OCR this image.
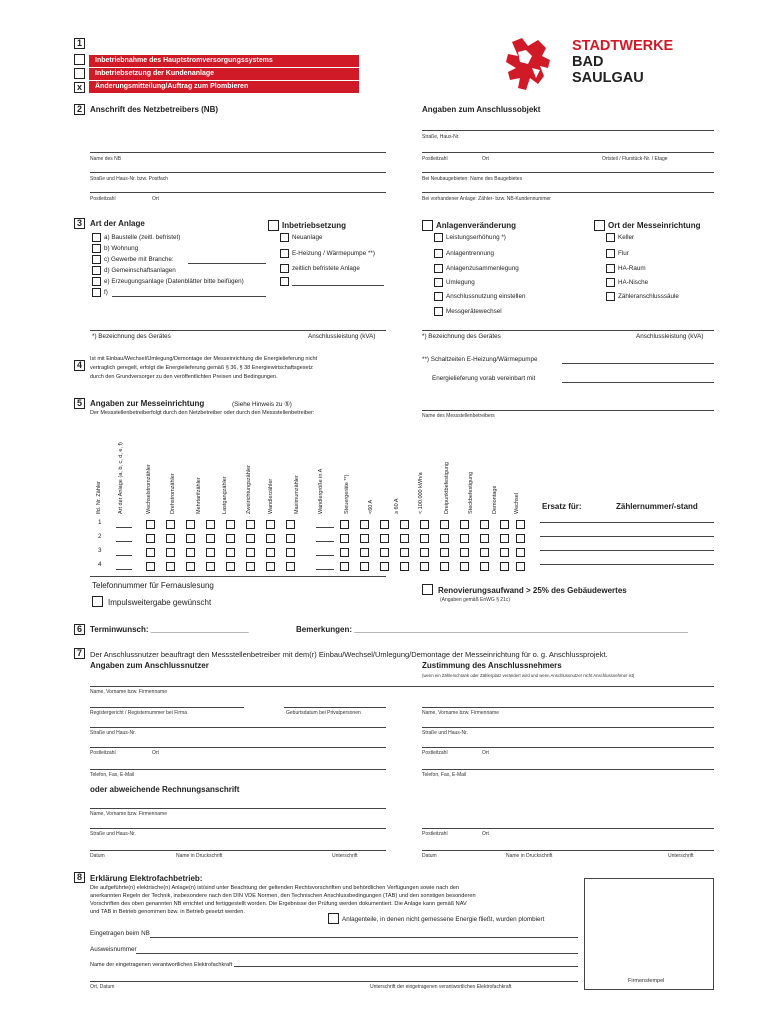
1
x
Inbetriebnahme des Hauptstromversorgungssystems
Inbetriebsetzung der Kundenanlage
Änderungsmitteilung/Auftrag zum Plombieren
STADTWERKE
BAD
SAULGAU
2	Anschrift des Netzbetreibers (NB)	Angaben zum Anschlussobjekt
Name des NB
Straße und Haus-Nr. bzw. Postfach
Postleitzahl	Ort
Straße, Haus-Nr.
Postleitzahl	Ort	Ortsteil / Flurstück-Nr. / Etage
Bei Neubaugebieten: Name des Baugebietes
Bei vorhandener Anlage: Zähler- bzw. NB-Kundennummer
3	Art der Anlage
a) Baustelle (zeitl. befristet)
b) Wohnung
c) Gewerbe mit Branche:
d) Gemeinschaftsanlagen
e) Erzeugungsanlage (Datenblätter bitte beifügen)
f)
Inbetriebsetzung
Neuanlage
E-Heizung / Wärmepumpe **)
zeitlich befristete Anlage
Anlagenveränderung
Leistungserhöhung *)
Anlagentrennung
Anlagenzusammenlegung
Umlegung
Anschlussnutzung einstellen
Messgerätewechsel
Ort der Messeinrichtung
Keller
Flur
HA-Raum
HA-Nische
Zähleranschlusssäule
*) Bezeichnung des Gerätes	Anschlussleistung (kVA)	*) Bezeichnung des Gerätes	Anschlussleistung (kVA)
4
Ist mit Einbau/Wechsel/Umlegung/Demontage der Messeinrichtung die Energielieferung nicht
vertraglich geregelt, erfolgt die Energielieferung gemäß § 36, § 38 Energiewirtschaftsgesetz
durch den Grundversorger zu den veröffentlichten Preisen und Bedingungen.
**) Schaltzeiten E-Heizung/Wärmepumpe
Energielieferung vorab vereinbart mit
5	Angaben zur Messeinrichtung	(Siehe Hinweis zu ⑤)
Der Messstellenbetreiberfolgt durch den Netzbetreiber oder durch den Messstellenbetreiber:	Name des Messstellenbetreibers
lfd. Nr. Zähler	Art der Anlage (a, b, c, d, e, f)	Wechselstromzähler	Drehstromzähler	Mehrtarifzähler	Lastgangzähler	Zweirichtungszähler	Wandlerzähler	Maximumzähler	Wandlergröße in A	Steuergeräte **)	<60 A	≥ 60 A	< 100.000 kWh/a	Dreipunktbefestigung	Steckbefestigung	Demontage	Wechsel
1
2
3
4
Ersatz für:	Zählernummer/-stand
Telefonnummer für Fernauslesung
Impulsweitergabe gewünscht
Renovierungsaufwand > 25% des Gebäudewertes
(Angaben gemäß EnWG § 21c)
6	Terminwunsch: ______________________	Bemerkungen: ___________________________________________________________________________
7	Der Anschlussnutzer beauftragt den Messstellenbetreiber mit dem(r) Einbau/Wechsel/Umlegung/Demontage der Messeinrichtung für o. g. Anschlussprojekt.
Angaben zum Anschlussnutzer	Zustimmung des Anschlussnehmers
(wenn ein Zählerschrank oder Zählerplatz verändert wird und wenn Anschlussnutzer nicht Anschlussnehmer ist)
Name, Vorname bzw. Firmenname
Registergericht / Registernummer bei Firma	Geburtsdatum bei Privatpersonen
Straße und Haus-Nr.
Postleitzahl	Ort
Telefon, Fax, E-Mail
Name, Vorname bzw. Firmenname
Straße und Haus-Nr.
Postleitzahl	Ort
Telefon, Fax, E-Mail
oder abweichende Rechnungsanschrift
Name, Vorname bzw. Firmenname
Straße und Haus-Nr.	Postleitzahl	Ort
Datum	Name in Druckschrift	Unterschrift	Datum	Name in Druckschrift	Unterschrift
8	Erklärung Elektrofachbetrieb:
Die aufgeführte(n) elektrische(n) Anlage(n) ist/sind unter Beachtung der geltenden Rechtsvorschriften und behördlichen Verfügungen sowie nach den
anerkannten Regeln der Technik, insbesondere nach den DIN VDE Normen, den Technischen Anschlussbedingungen (TAB) und den sonstigen besonderen
Vorschriften des oben genannten NB errichtet und fertiggestellt worden. Die Ergebnisse der Prüfung werden dokumentiert. Die Anlage kann gemäß NAV
und TAB in Betrieb genommen bzw. in Betrieb gesetzt werden.
Anlagenteile, in denen nicht gemessene Energie fließt, wurden plombiert
Eingetragen beim NB
Ausweisnummer
Name der eingetragenen verantwortlichen Elektrofachkraft
Ort, Datum	Unterschrift der eingetragenen verantwortlichen Elektrofachkraft
Firmenstempel
